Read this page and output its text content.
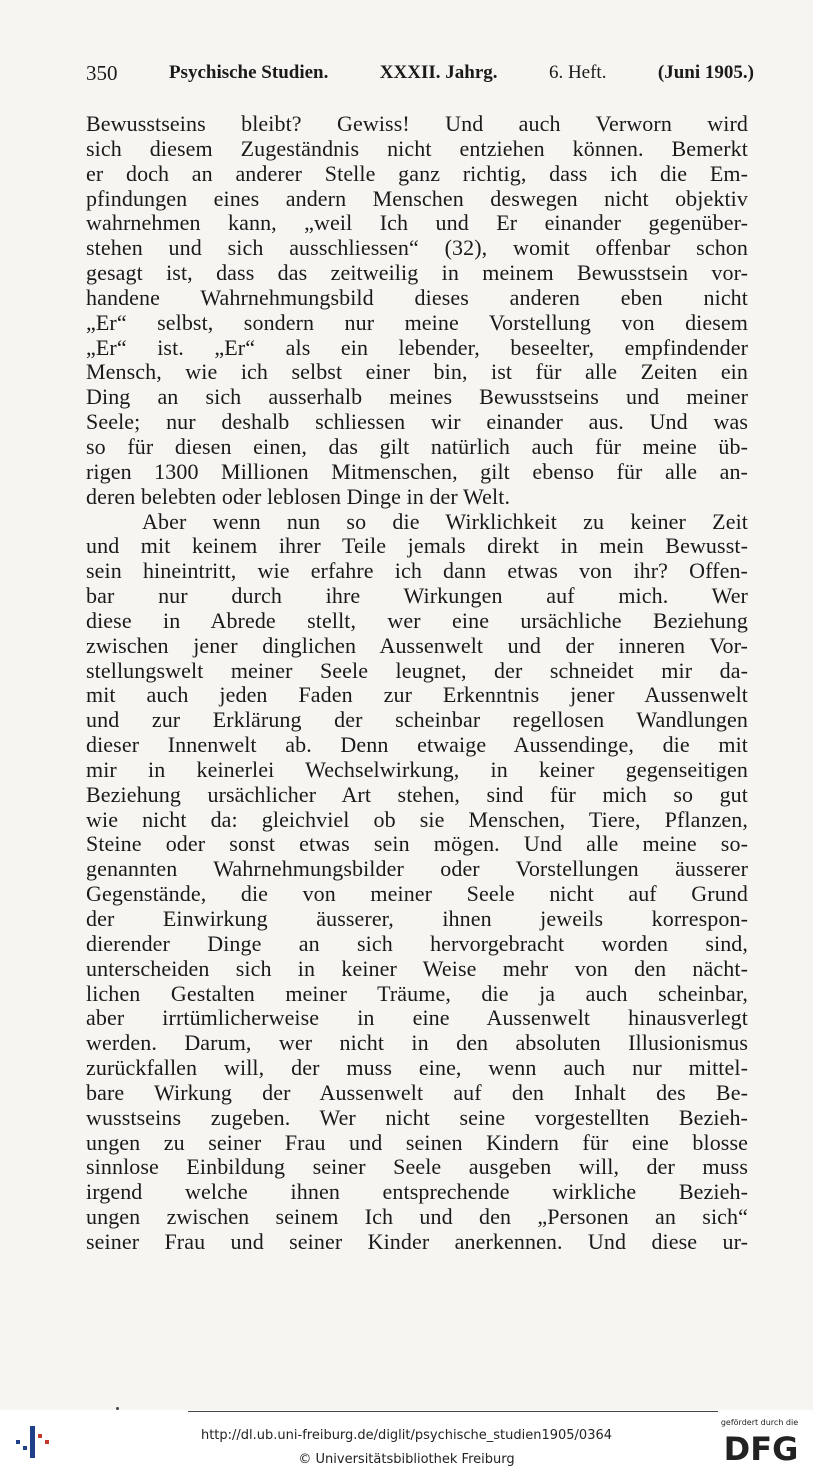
350	Psychische Studien.	XXXII. Jahrg.	6. Heft.	(Juni 1905.)
Bewusstseins bleibt? Gewiss! Und auch Verworn wird
sich diesem Zugeständnis nicht entziehen können. Bemerkt
er doch an anderer Stelle ganz richtig, dass ich die Em-
pfindungen eines andern Menschen deswegen nicht objektiv
wahrnehmen kann, „weil Ich und Er einander gegenüber-
stehen und sich ausschliessen“ (32), womit offenbar schon
gesagt ist, dass das zeitweilig in meinem Bewusstsein vor-
handene Wahrnehmungsbild dieses anderen eben nicht
„Er“ selbst, sondern nur meine Vorstellung von diesem
„Er“ ist. „Er“ als ein lebender, beseelter, empfindender
Mensch, wie ich selbst einer bin, ist für alle Zeiten ein
Ding an sich ausserhalb meines Bewusstseins und meiner
Seele; nur deshalb schliessen wir einander aus. Und was
so für diesen einen, das gilt natürlich auch für meine üb-
rigen 1300 Millionen Mitmenschen, gilt ebenso für alle an-
deren belebten oder leblosen Dinge in der Welt.
Aber wenn nun so die Wirklichkeit zu keiner Zeit
und mit keinem ihrer Teile jemals direkt in mein Bewusst-
sein hineintritt, wie erfahre ich dann etwas von ihr? Offen-
bar nur durch ihre Wirkungen auf mich. Wer
diese in Abrede stellt, wer eine ursächliche Beziehung
zwischen jener dinglichen Aussenwelt und der inneren Vor-
stellungswelt meiner Seele leugnet, der schneidet mir da-
mit auch jeden Faden zur Erkenntnis jener Aussenwelt
und zur Erklärung der scheinbar regellosen Wandlungen
dieser Innenwelt ab. Denn etwaige Aussendinge, die mit
mir in keinerlei Wechselwirkung, in keiner gegenseitigen
Beziehung ursächlicher Art stehen, sind für mich so gut
wie nicht da: gleichviel ob sie Menschen, Tiere, Pflanzen,
Steine oder sonst etwas sein mögen. Und alle meine so-
genannten Wahrnehmungsbilder oder Vorstellungen äusserer
Gegenstände, die von meiner Seele nicht auf Grund
der Einwirkung äusserer, ihnen jeweils korrespon-
dierender Dinge an sich hervorgebracht worden sind,
unterscheiden sich in keiner Weise mehr von den nächt-
lichen Gestalten meiner Träume, die ja auch scheinbar,
aber irrtümlicherweise in eine Aussenwelt hinausverlegt
werden. Darum, wer nicht in den absoluten Illusionismus
zurückfallen will, der muss eine, wenn auch nur mittel-
bare Wirkung der Aussenwelt auf den Inhalt des Be-
wusstseins zugeben. Wer nicht seine vorgestellten Bezieh-
ungen zu seiner Frau und seinen Kindern für eine blosse
sinnlose Einbildung seiner Seele ausgeben will, der muss
irgend welche ihnen entsprechende wirkliche Bezieh-
ungen zwischen seinem Ich und den „Personen an sich“
seiner Frau und seiner Kinder anerkennen. Und diese ur-
http://dl.ub.uni-freiburg.de/diglit/psychische_studien1905/0364
© Universitätsbibliothek Freiburg
gefördert durch die
DFG
